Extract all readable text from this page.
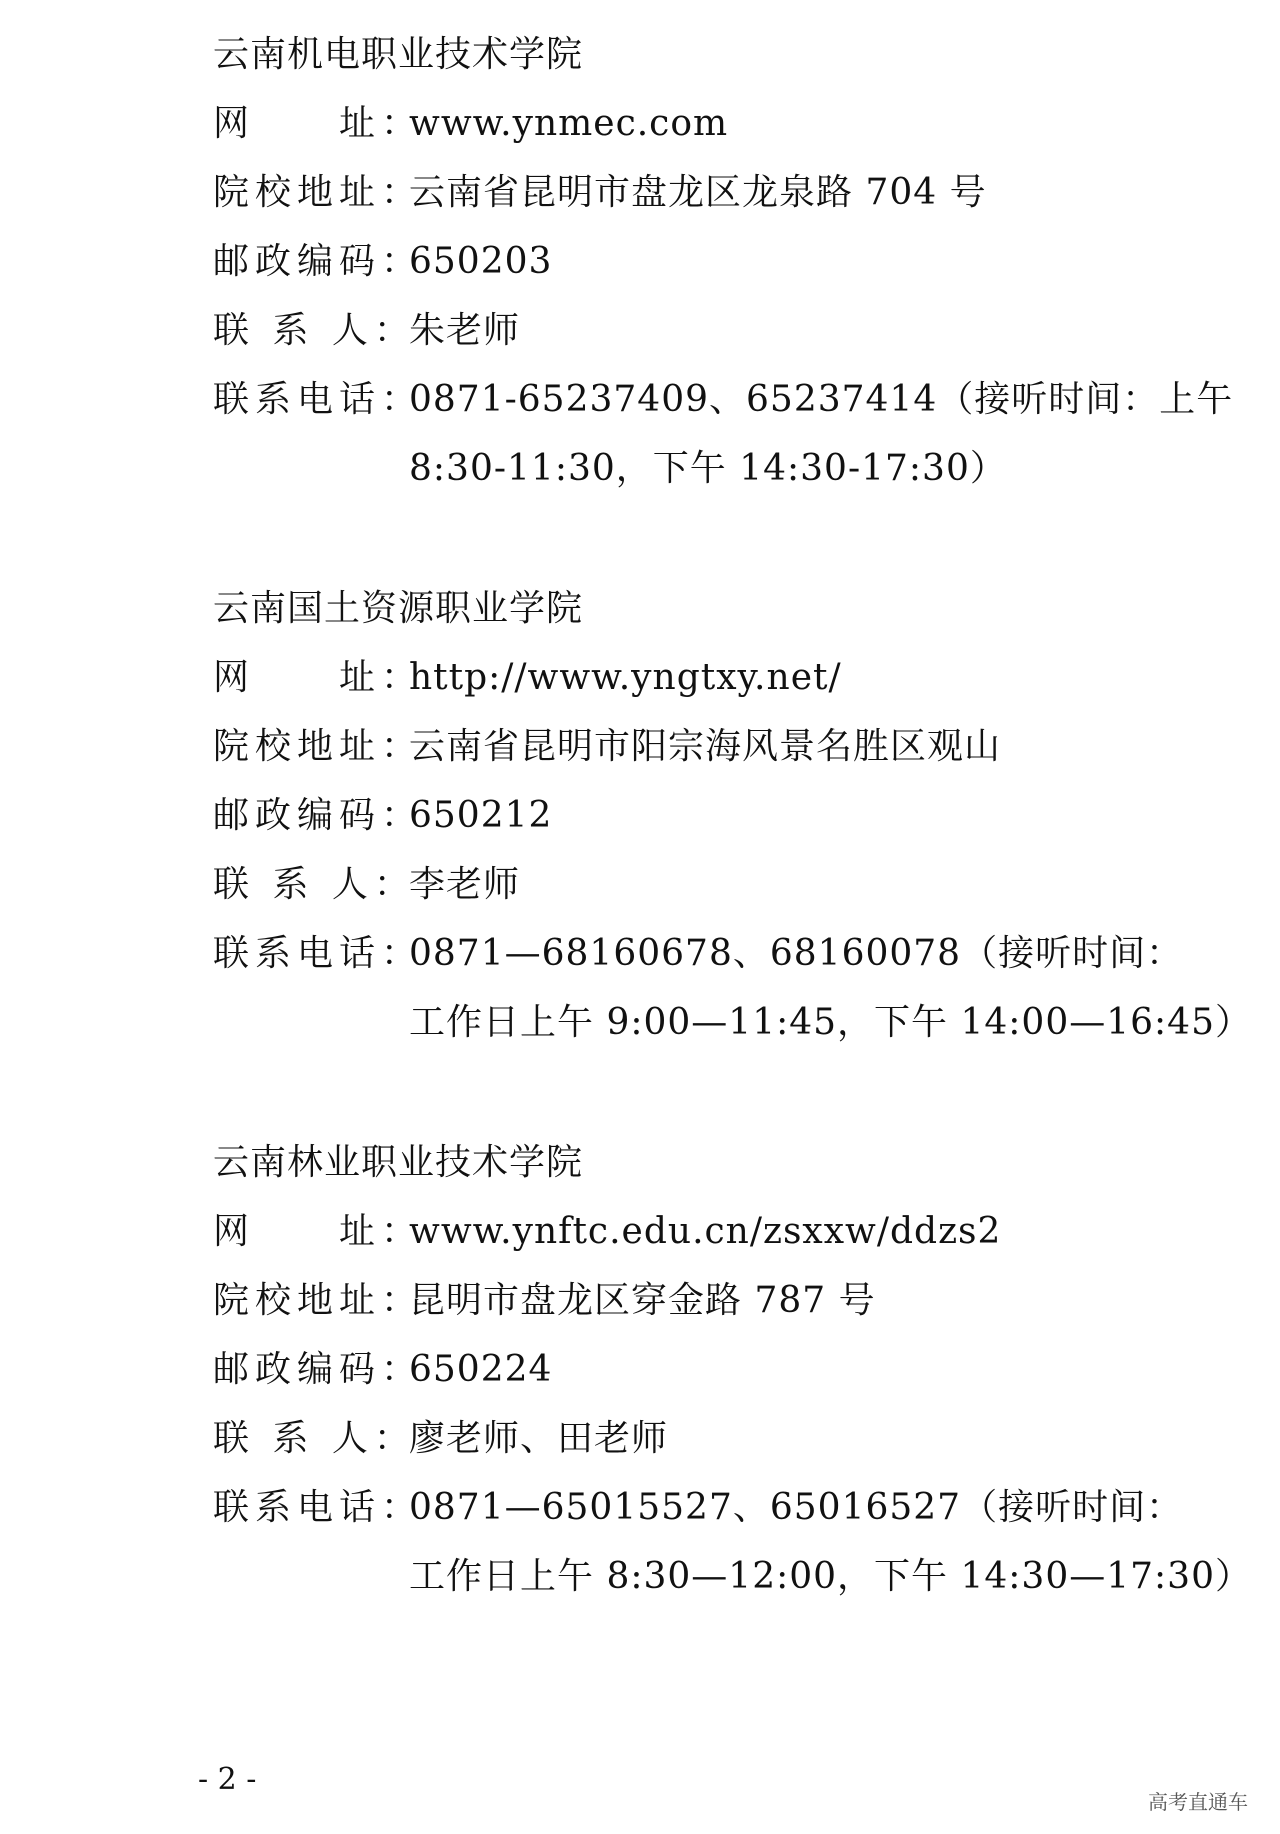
云南机电职业技术学院
网　　址：www.ynmec.com
院校地址：云南省昆明市盘龙区龙泉路 704 号
邮政编码：650203
联 系 人：朱老师
联系电话：0871-65237409、65237414（接听时间：上午
8:30-11:30，下午 14:30-17:30）
云南国土资源职业学院
网　　址：http://www.yngtxy.net/
院校地址：云南省昆明市阳宗海风景名胜区观山
邮政编码：650212
联 系 人：李老师
联系电话：0871—68160678、68160078（接听时间：
工作日上午 9:00—11:45，下午 14:00—16:45）
云南林业职业技术学院
网　　址：www.ynftc.edu.cn/zsxxw/ddzs2
院校地址：昆明市盘龙区穿金路 787 号
邮政编码：650224
联 系 人：廖老师、田老师
联系电话：0871—65015527、65016527（接听时间：
工作日上午 8:30—12:00，下午 14:30—17:30）
- 2 -
高考直通车
